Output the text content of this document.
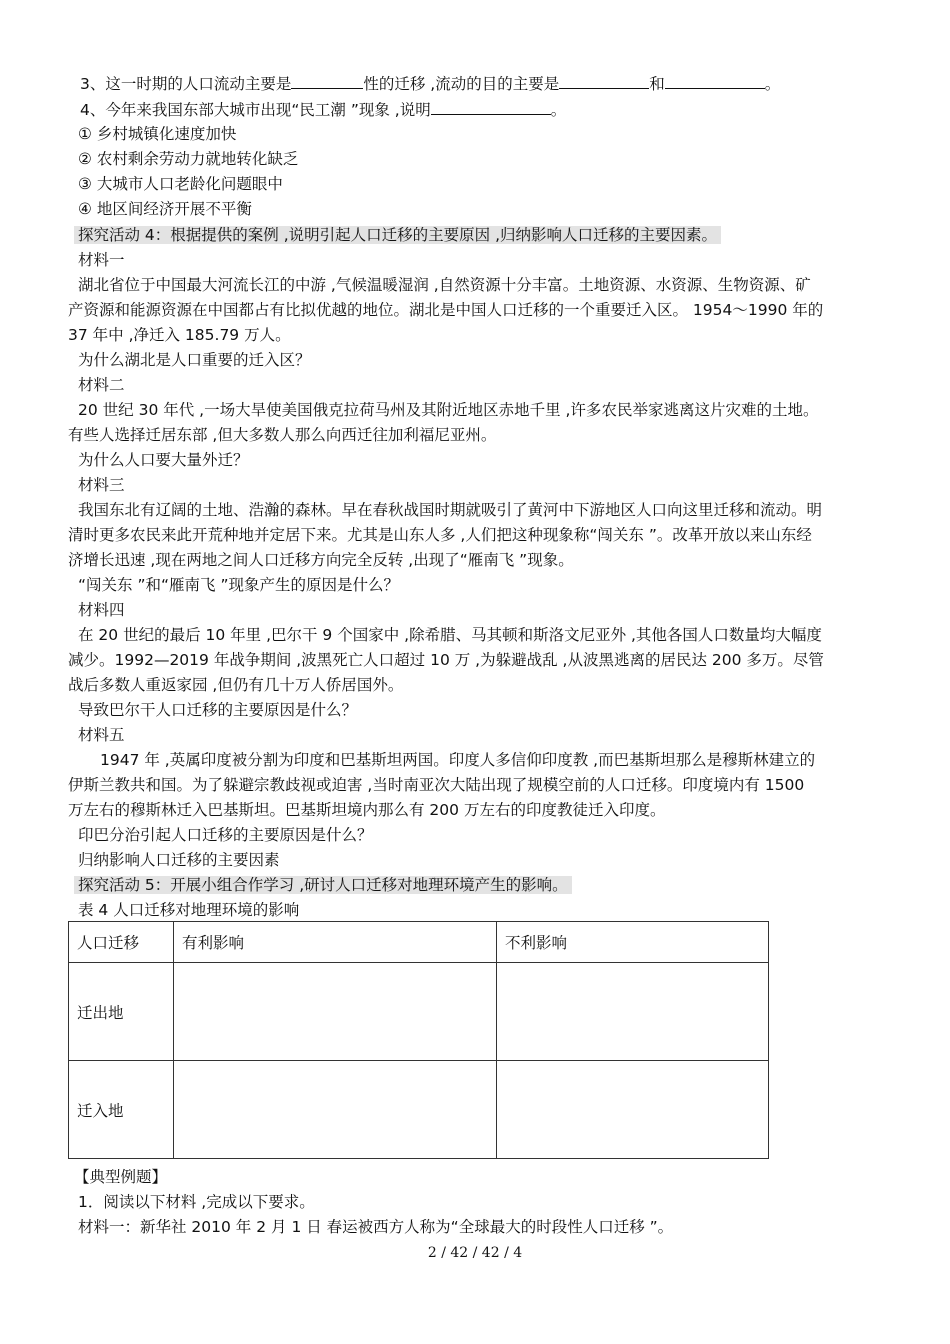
3、这一时期的人口流动主要是	性的迁移 ,流动的目的主要是	和	。
4、今年来我国东部大城市出现“民工潮 ”现象 ,说明	。
① 乡村城镇化速度加快
② 农村剩余劳动力就地转化缺乏
③ 大城市人口老龄化问题眼中
④ 地区间经济开展不平衡
探究活动 4：根据提供的案例 ,说明引起人口迁移的主要原因 ,归纳影响人口迁移的主要因素。
材料一
湖北省位于中国最大河流长江的中游 ,气候温暖湿润 ,自然资源十分丰富。土地资源、水资源、生物资源、矿
产资源和能源资源在中国都占有比拟优越的地位。湖北是中国人口迁移的一个重要迁入区。 1954～1990 年的
37 年中 ,净迁入 185.79 万人。
为什么湖北是人口重要的迁入区？
材料二
20 世纪 30 年代 ,一场大旱使美国俄克拉荷马州及其附近地区赤地千里 ,许多农民举家逃离这片灾难的土地。
有些人选择迁居东部 ,但大多数人那么向西迁往加利福尼亚州。
为什么人口要大量外迁？
材料三
我国东北有辽阔的土地、浩瀚的森林。早在春秋战国时期就吸引了黄河中下游地区人口向这里迁移和流动。明
清时更多农民来此开荒种地并定居下来。尤其是山东人多 ,人们把这种现象称“闯关东 ”。改革开放以来山东经
济增长迅速 ,现在两地之间人口迁移方向完全反转 ,出现了“雁南飞 ”现象。
“闯关东 ”和“雁南飞 ”现象产生的原因是什么？
材料四
在 20 世纪的最后 10 年里 ,巴尔干 9 个国家中 ,除希腊、马其顿和斯洛文尼亚外 ,其他各国人口数量均大幅度
减少。1992—2019 年战争期间 ,波黑死亡人口超过 10 万 ,为躲避战乱 ,从波黑逃离的居民达 200 多万。尽管
战后多数人重返家园 ,但仍有几十万人侨居国外。
导致巴尔干人口迁移的主要原因是什么？
材料五
1947 年 ,英属印度被分割为印度和巴基斯坦两国。印度人多信仰印度教 ,而巴基斯坦那么是穆斯林建立的
伊斯兰教共和国。为了躲避宗教歧视或迫害 ,当时南亚次大陆出现了规模空前的人口迁移。印度境内有 1500
万左右的穆斯林迁入巴基斯坦。巴基斯坦境内那么有 200 万左右的印度教徒迁入印度。
印巴分治引起人口迁移的主要原因是什么？
归纳影响人口迁移的主要因素
探究活动 5：开展小组合作学习 ,研讨人口迁移对地理环境产生的影响。
表 4 人口迁移对地理环境的影响
人口迁移	有利影响	不利影响
迁出地		
迁入地		
【典型例题】
1．阅读以下材料 ,完成以下要求。
材料一：新华社 2010 年 2 月 1 日 春运被西方人称为“全球最大的时段性人口迁移 ”。
2 / 42 / 42 / 4
